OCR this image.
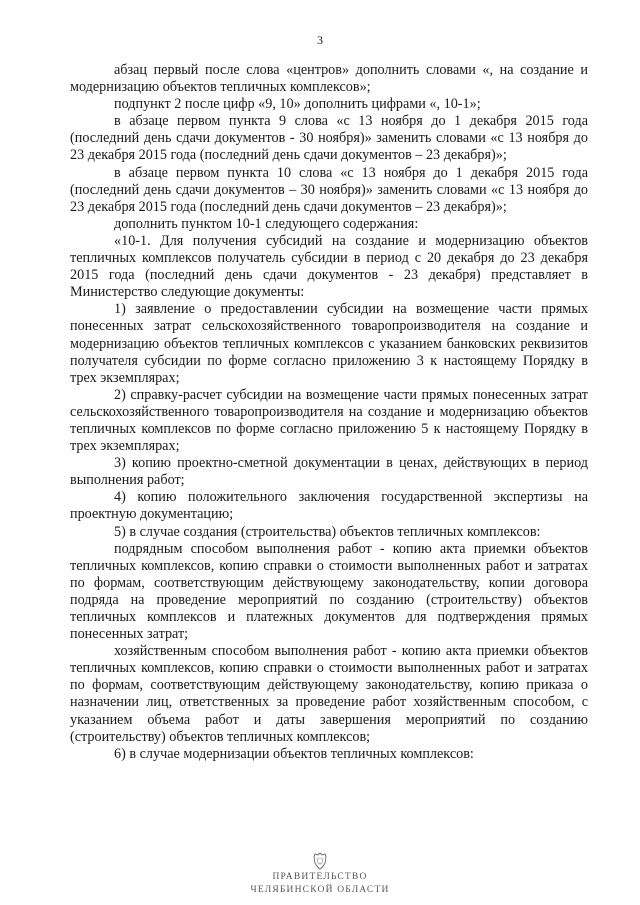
3

абзац первый после слова «центров» дополнить словами «, на создание и модернизацию объектов тепличных комплексов»;

подпункт 2 после цифр «9, 10» дополнить цифрами «, 10-1»;

в абзаце первом пункта 9 слова «с 13 ноября до 1 декабря 2015 года (последний день сдачи документов - 30 ноября)» заменить словами «с 13 ноября до 23 декабря 2015 года (последний день сдачи документов – 23 декабря)»;

в абзаце первом пункта 10 слова «с 13 ноября до 1 декабря 2015 года (последний день сдачи документов – 30 ноября)» заменить словами «с 13 ноября до 23 декабря 2015 года (последний день сдачи документов – 23 декабря)»;

дополнить пунктом 10-1 следующего содержания:

«10-1. Для получения субсидий на создание и модернизацию объектов тепличных комплексов получатель субсидии в период с 20 декабря до 23 декабря 2015 года (последний день сдачи документов - 23 декабря) представляет в Министерство следующие документы:

1) заявление о предоставлении субсидии на возмещение части прямых понесенных затрат сельскохозяйственного товаропроизводителя на создание и модернизацию объектов тепличных комплексов с указанием банковских реквизитов получателя субсидии по форме согласно приложению 3 к настоящему Порядку в трех экземплярах;

2) справку-расчет субсидии на возмещение части прямых понесенных затрат сельскохозяйственного товаропроизводителя на создание и модернизацию объектов тепличных комплексов по форме согласно приложению 5 к настоящему Порядку в трех экземплярах;

3) копию проектно-сметной документации в ценах, действующих в период выполнения работ;

4) копию положительного заключения государственной экспертизы на проектную документацию;

5) в случае создания (строительства) объектов тепличных комплексов:

подрядным способом выполнения работ - копию акта приемки объектов тепличных комплексов, копию справки о стоимости выполненных работ и затратах по формам, соответствующим действующему законодательству, копии договора подряда на проведение мероприятий по созданию (строительству) объектов тепличных комплексов и платежных документов для подтверждения прямых понесенных затрат;

хозяйственным способом выполнения работ - копию акта приемки объектов тепличных комплексов, копию справки о стоимости выполненных работ и затратах по формам, соответствующим действующему законодательству, копию приказа о назначении лиц, ответственных за проведение работ хозяйственным способом, с указанием объема работ и даты завершения мероприятий по созданию (строительству) объектов тепличных комплексов;

6) в случае модернизации объектов тепличных комплексов:

ПРАВИТЕЛЬСТВО
ЧЕЛЯБИНСКОЙ ОБЛАСТИ
